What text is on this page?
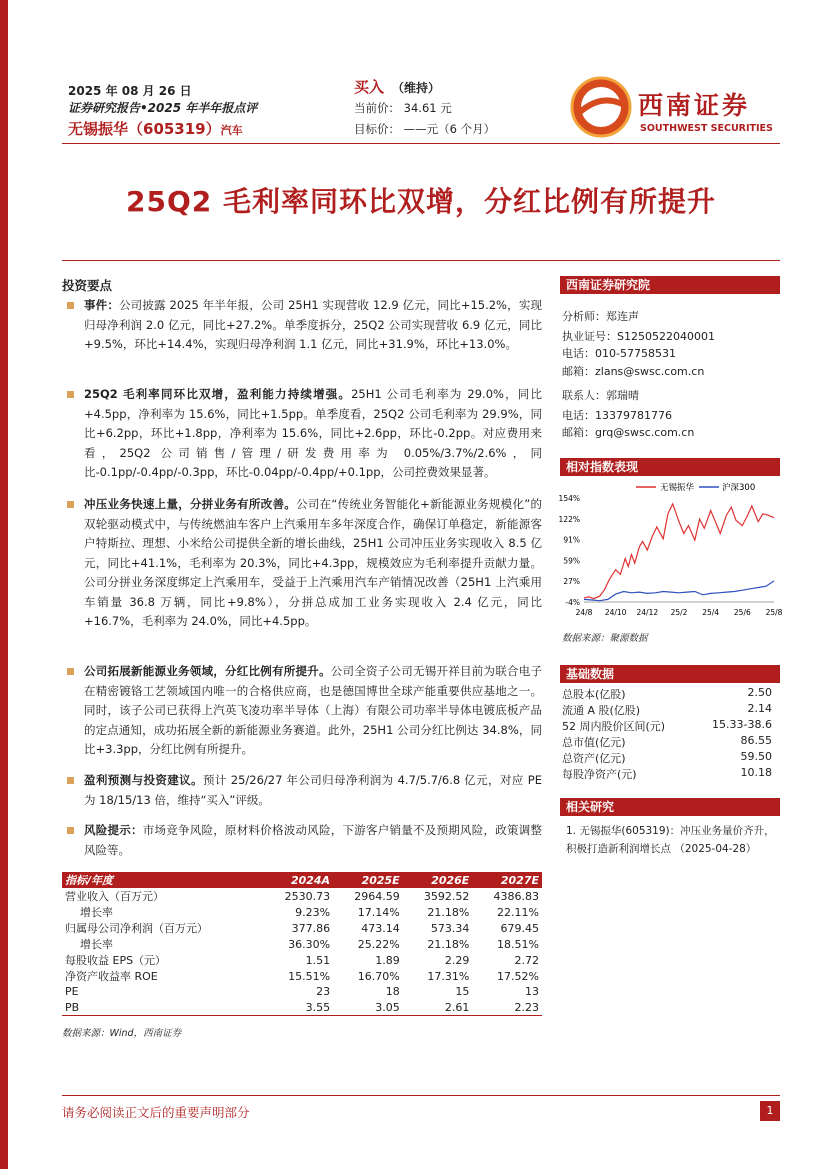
2025 年 08 月 26 日
证券研究报告•2025 年半年报点评
无锡振华（605319）汽车
买入 （维持）
当前价： 34.61 元
目标价： ——元（6 个月）
西南证券
SOUTHWEST SECURITIES
25Q2 毛利率同环比双增，分红比例有所提升
投资要点
事件：公司披露 2025 年半年报，公司 25H1 实现营收 12.9 亿元，同比+15.2%，实现归母净利润 2.0 亿元，同比+27.2%。单季度拆分，25Q2 公司实现营收 6.9 亿元，同比+9.5%，环比+14.4%，实现归母净利润 1.1 亿元，同比+31.9%，环比+13.0%。
25Q2 毛利率同环比双增，盈利能力持续增强。25H1 公司毛利率为 29.0%，同比+4.5pp，净利率为 15.6%，同比+1.5pp。单季度看，25Q2 公司毛利率为 29.9%，同比+6.2pp，环比+1.8pp，净利率为 15.6%，同比+2.6pp，环比-0.2pp。对应费用来看，25Q2 公司销售/管理/研发费用率为 0.05%/3.7%/2.6%，同比-0.1pp/-0.4pp/-0.3pp，环比-0.04pp/-0.4pp/+0.1pp，公司控费效果显著。
冲压业务快速上量，分拼业务有所改善。公司在“传统业务智能化+新能源业务规模化”的双轮驱动模式中，与传统燃油车客户上汽乘用车多年深度合作，确保订单稳定，新能源客户特斯拉、理想、小米给公司提供全新的增长曲线，25H1 公司冲压业务实现收入 8.5 亿元，同比+41.1%，毛利率为 20.3%，同比+4.3pp，规模效应为毛利率提升贡献力量。公司分拼业务深度绑定上汽乘用车，受益于上汽乘用汽车产销情况改善（25H1 上汽乘用车销量 36.8 万辆，同比+9.8%），分拼总成加工业务实现收入 2.4 亿元，同比+16.7%，毛利率为 24.0%，同比+4.5pp。
公司拓展新能源业务领域，分红比例有所提升。公司全资子公司无锡开祥目前为联合电子在精密镀铬工艺领域国内唯一的合格供应商，也是德国博世全球产能重要供应基地之一。同时，该子公司已获得上汽英飞凌功率半导体（上海）有限公司功率半导体电镀底板产品的定点通知，成功拓展全新的新能源业务赛道。此外，25H1 公司分红比例达 34.8%，同比+3.3pp，分红比例有所提升。
盈利预测与投资建议。预计 25/26/27 年公司归母净利润为 4.7/5.7/6.8 亿元，对应 PE 为 18/15/13 倍，维持“买入”评级。
风险提示：市场竞争风险，原材料价格波动风险，下游客户销量不及预期风险，政策调整风险等。
指标/年度	2024A	2025E	2026E	2027E
营业收入（百万元）	2530.73	2964.59	3592.52	4386.83
增长率	9.23%	17.14%	21.18%	22.11%
归属母公司净利润（百万元）	377.86	473.14	573.34	679.45
增长率	36.30%	25.22%	21.18%	18.51%
每股收益 EPS（元）	1.51	1.89	2.29	2.72
净资产收益率 ROE	15.51%	16.70%	17.31%	17.52%
PE	23	18	15	13
PB	3.55	3.05	2.61	2.23
数据来源：Wind，西南证券
西南证券研究院
分析师：郑连声
执业证号：S1250522040001
电话：010-57758531
邮箱：zlans@swsc.com.cn
联系人：郭瑞晴
电话：13379781776
邮箱：grq@swsc.com.cn
相对指数表现
无锡振华	沪深300
154%
122%
91%
59%
27%
-4%
24/8 24/10 24/12 25/2 25/4 25/6 25/8
数据来源：聚源数据
基础数据
总股本(亿股)	2.50
流通 A 股(亿股)	2.14
52 周内股价区间(元)	15.33-38.6
总市值(亿元)	86.55
总资产(亿元)	59.50
每股净资产(元)	10.18
相关研究
1. 无锡振华(605319)：冲压业务量价齐升，积极打造新利润增长点 （2025-04-28）
请务必阅读正文后的重要声明部分	1
